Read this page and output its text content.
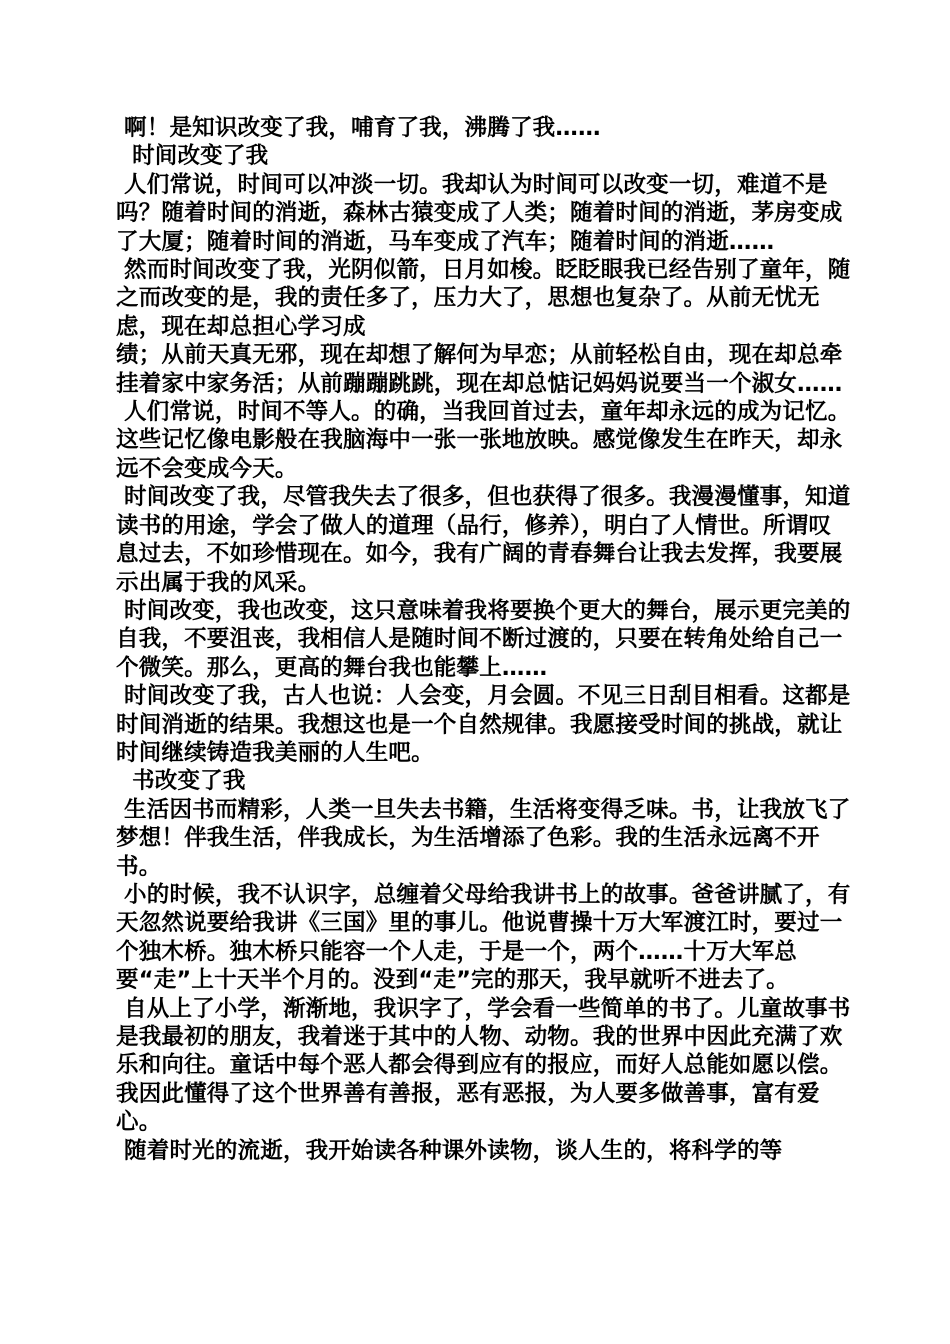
啊！是知识改变了我，哺育了我，沸腾了我……

时间改变了我

人们常说，时间可以冲淡一切。我却认为时间可以改变一切，难道不是吗？随着时间的消逝，森林古猿变成了人类；随着时间的消逝，茅房变成了大厦；随着时间的消逝，马车变成了汽车；随着时间的消逝……

然而时间改变了我，光阴似箭，日月如梭。眨眨眼我已经告别了童年，随之而改变的是，我的责任多了，压力大了，思想也复杂了。从前无忧无虑，现在却总担心学习成

绩；从前天真无邪，现在却想了解何为早恋；从前轻松自由，现在却总牵挂着家中家务活；从前蹦蹦跳跳，现在却总惦记妈妈说要当一个淑女……

人们常说，时间不等人。的确，当我回首过去，童年却永远的成为记忆。这些记忆像电影般在我脑海中一张一张地放映。感觉像发生在昨天，却永远不会变成今天。

时间改变了我，尽管我失去了很多，但也获得了很多。我漫漫懂事，知道读书的用途，学会了做人的道理（品行，修养），明白了人情世。所谓叹息过去，不如珍惜现在。如今，我有广阔的青春舞台让我去发挥，我要展示出属于我的风采。

时间改变，我也改变，这只意味着我将要换个更大的舞台，展示更完美的自我，不要沮丧，我相信人是随时间不断过渡的，只要在转角处给自己一个微笑。那么，更高的舞台我也能攀上……

时间改变了我，古人也说：人会变，月会圆。不见三日刮目相看。这都是时间消逝的结果。我想这也是一个自然规律。我愿接受时间的挑战，就让时间继续铸造我美丽的人生吧。

书改变了我

生活因书而精彩，人类一旦失去书籍，生活将变得乏味。书，让我放飞了梦想！伴我生活，伴我成长，为生活增添了色彩。我的生活永远离不开书。

小的时候，我不认识字，总缠着父母给我讲书上的故事。爸爸讲腻了，有天忽然说要给我讲《三国》里的事儿。他说曹操十万大军渡江时，要过一个独木桥。独木桥只能容一个人走，于是一个，两个……十万大军总要“走”上十天半个月的。没到“走”完的那天，我早就听不进去了。

自从上了小学，渐渐地，我识字了，学会看一些简单的书了。儿童故事书是我最初的朋友，我着迷于其中的人物、动物。我的世界中因此充满了欢乐和向往。童话中每个恶人都会得到应有的报应，而好人总能如愿以偿。我因此懂得了这个世界善有善报，恶有恶报，为人要多做善事，富有爱心。

随着时光的流逝，我开始读各种课外读物，谈人生的，将科学的等
